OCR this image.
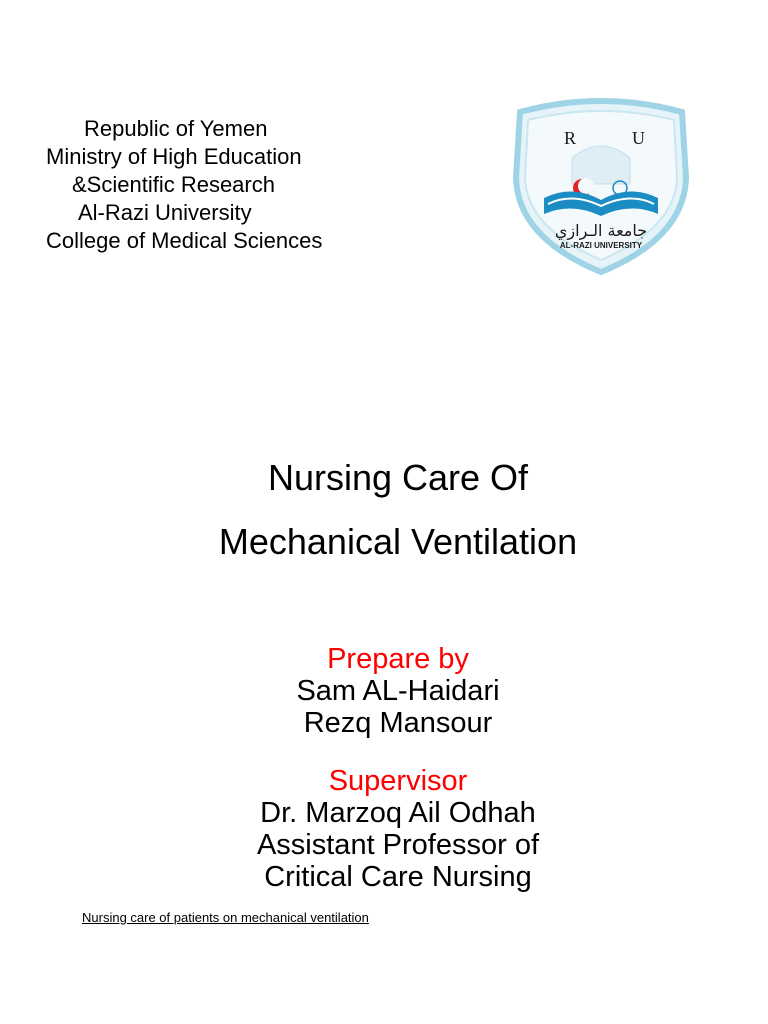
Republic of Yemen
Ministry of High Education
&Scientific Research
Al-Razi University
College of Medical Sciences
R	U
جامعة الـرازي
AL-RAZI UNIVERSITY
Nursing Care Of
Mechanical Ventilation
Prepare by
Sam AL-Haidari
Rezq Mansour
Supervisor
Dr. Marzoq Ail Odhah
Assistant Professor of
Critical Care Nursing
Nursing care of patients on mechanical ventilation
